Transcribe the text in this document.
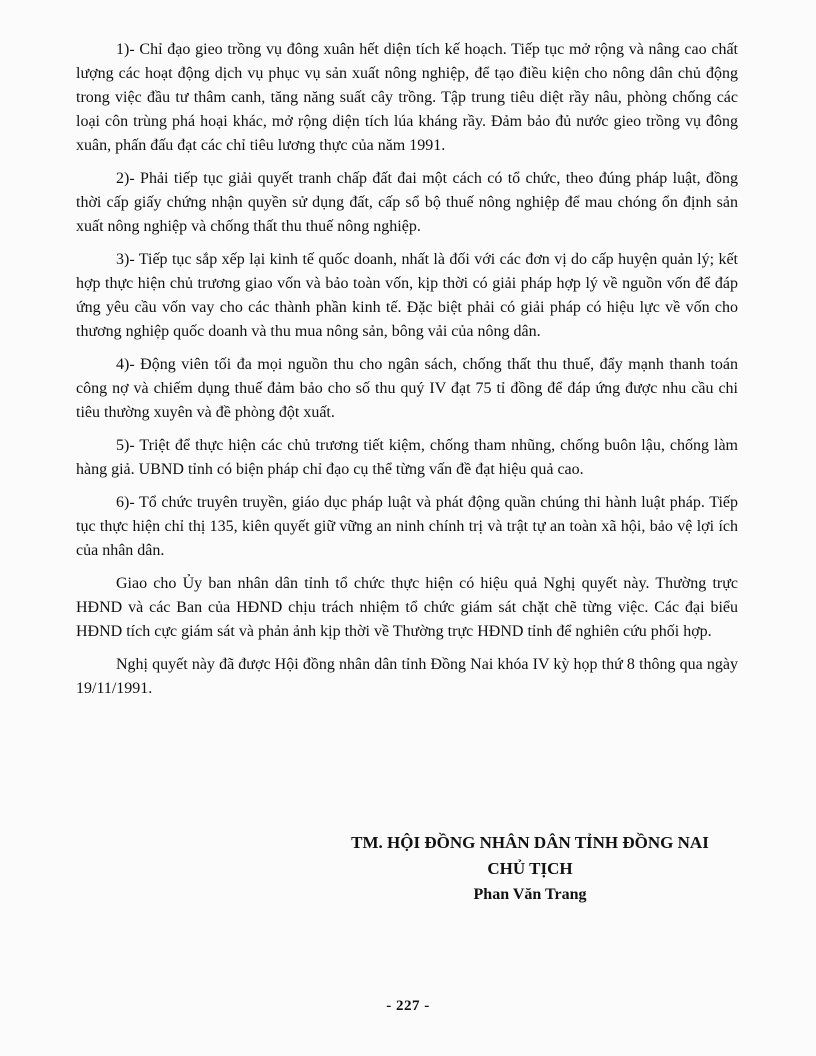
1)- Chỉ đạo gieo trồng vụ đông xuân hết diện tích kế hoạch. Tiếp tục mở rộng và nâng cao chất lượng các hoạt động dịch vụ phục vụ sản xuất nông nghiệp, để tạo điều kiện cho nông dân chủ động trong việc đầu tư thâm canh, tăng năng suất cây trồng. Tập trung tiêu diệt rầy nâu, phòng chống các loại côn trùng phá hoại khác, mở rộng diện tích lúa kháng rầy. Đảm bảo đủ nước gieo trồng vụ đông xuân, phấn đấu đạt các chỉ tiêu lương thực của năm 1991.

2)- Phải tiếp tục giải quyết tranh chấp đất đai một cách có tổ chức, theo đúng pháp luật, đồng thời cấp giấy chứng nhận quyền sử dụng đất, cấp sổ bộ thuế nông nghiệp để mau chóng ổn định sản xuất nông nghiệp và chống thất thu thuế nông nghiệp.

3)- Tiếp tục sắp xếp lại kinh tế quốc doanh, nhất là đối với các đơn vị do cấp huyện quản lý; kết hợp thực hiện chủ trương giao vốn và bảo toàn vốn, kịp thời có giải pháp hợp lý về nguồn vốn để đáp ứng yêu cầu vốn vay cho các thành phần kinh tế. Đặc biệt phải có giải pháp có hiệu lực về vốn cho thương nghiệp quốc doanh và thu mua nông sản, bông vải của nông dân.

4)- Động viên tối đa mọi nguồn thu cho ngân sách, chống thất thu thuế, đẩy mạnh thanh toán công nợ và chiếm dụng thuế đảm bảo cho số thu quý IV đạt 75 tỉ đồng để đáp ứng được nhu cầu chi tiêu thường xuyên và đề phòng đột xuất.

5)- Triệt để thực hiện các chủ trương tiết kiệm, chống tham nhũng, chống buôn lậu, chống làm hàng giả. UBND tỉnh có biện pháp chỉ đạo cụ thể từng vấn đề đạt hiệu quả cao.

6)- Tổ chức truyên truyền, giáo dục pháp luật và phát động quần chúng thi hành luật pháp. Tiếp tục thực hiện chỉ thị 135, kiên quyết giữ vững an ninh chính trị và trật tự an toàn xã hội, bảo vệ lợi ích của nhân dân.

Giao cho Ủy ban nhân dân tỉnh tổ chức thực hiện có hiệu quả Nghị quyết này. Thường trực HĐND và các Ban của HĐND chịu trách nhiệm tổ chức giám sát chặt chẽ từng việc. Các đại biểu HĐND tích cực giám sát và phản ảnh kịp thời về Thường trực HĐND tỉnh để nghiên cứu phối hợp.

Nghị quyết này đã được Hội đồng nhân dân tỉnh Đồng Nai khóa IV kỳ họp thứ 8 thông qua ngày 19/11/1991.

TM. HỘI ĐỒNG NHÂN DÂN TỈNH ĐỒNG NAI
CHỦ TỊCH
Phan Văn Trang
- 227 -
